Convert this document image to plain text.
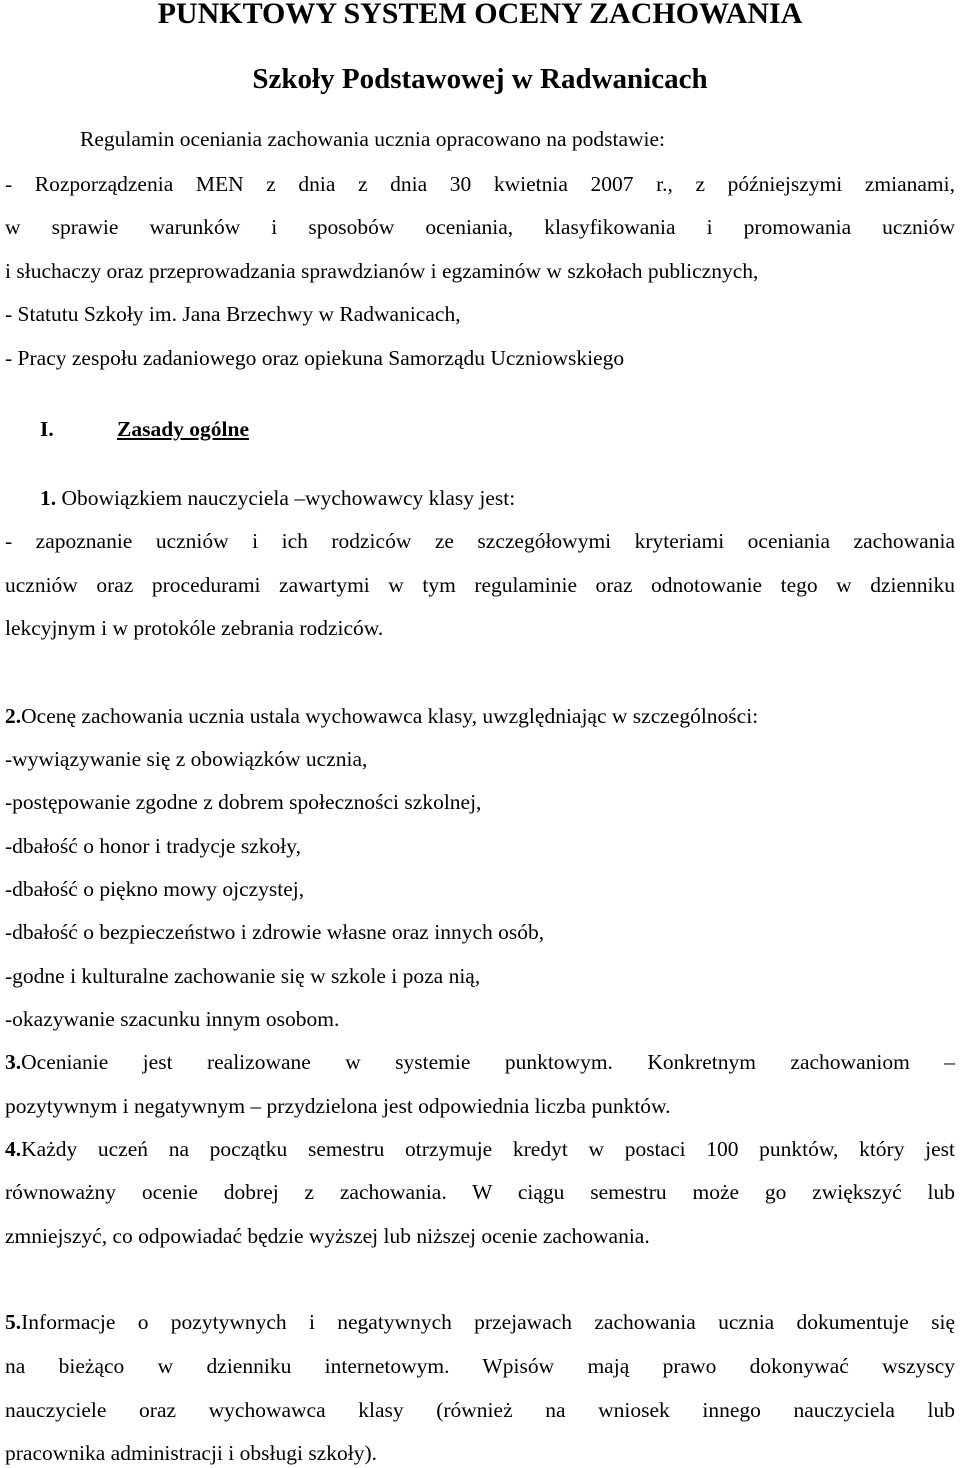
PUNKTOWY SYSTEM OCENY ZACHOWANIA
Szkoły Podstawowej w Radwanicach
Regulamin oceniania zachowania ucznia opracowano na podstawie:
- Rozporządzenia MEN z dnia z dnia 30 kwietnia 2007 r., z późniejszymi zmianami,
w sprawie warunków i sposobów oceniania, klasyfikowania i promowania uczniów
i słuchaczy oraz przeprowadzania sprawdzianów i egzaminów w szkołach publicznych,
- Statutu Szkoły im. Jana Brzechwy w Radwanicach,
- Pracy zespołu zadaniowego oraz opiekuna Samorządu Uczniowskiego
I.	Zasady ogólne
1. Obowiązkiem nauczyciela –wychowawcy klasy jest:
- zapoznanie uczniów i ich rodziców ze szczegółowymi kryteriami oceniania zachowania
uczniów oraz procedurami zawartymi w tym regulaminie oraz odnotowanie tego w dzienniku
lekcyjnym i w protokóle zebrania rodziców.
2.Ocenę zachowania ucznia ustala wychowawca klasy, uwzględniając w szczególności:
-wywiązywanie się z obowiązków ucznia,
-postępowanie zgodne z dobrem społeczności szkolnej,
-dbałość o honor i tradycje szkoły,
-dbałość o piękno mowy ojczystej,
-dbałość o bezpieczeństwo i zdrowie własne oraz innych osób,
-godne i kulturalne zachowanie się w szkole i poza nią,
-okazywanie szacunku innym osobom.
3.Ocenianie jest realizowane w systemie punktowym. Konkretnym zachowaniom –
pozytywnym i negatywnym – przydzielona jest odpowiednia liczba punktów.
4.Każdy uczeń na początku semestru otrzymuje kredyt w postaci 100 punktów, który jest
równoważny ocenie dobrej z zachowania. W ciągu semestru może go zwiększyć lub
zmniejszyć, co odpowiadać będzie wyższej lub niższej ocenie zachowania.
5.Informacje o pozytywnych i negatywnych przejawach zachowania ucznia dokumentuje się
na bieżąco w dzienniku internetowym. Wpisów mają prawo dokonywać wszyscy
nauczyciele oraz wychowawca klasy (również na wniosek innego nauczyciela lub
pracownika administracji i obsługi szkoły).
